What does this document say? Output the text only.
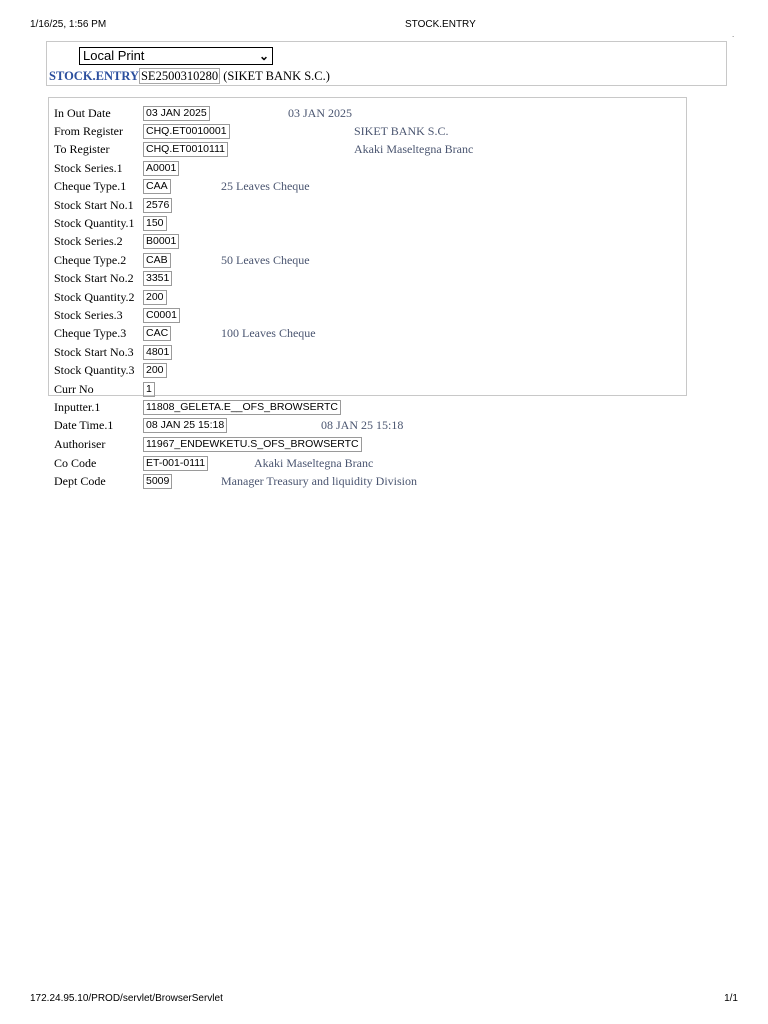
1/16/25, 1:56 PM	STOCK.ENTRY
.
Local Print	⌄
STOCK.ENTRY SE2500310280 (SIKET BANK S.C.)
In Out Date	03 JAN 2025	03 JAN 2025
From Register CHQ.ET0010001	SIKET BANK S.C.
To Register	CHQ.ET0010111	Akaki Maseltegna Branc
Stock Series.1 A0001
Cheque Type.1 CAA	25 Leaves Cheque
Stock Start No.1 2576
Stock Quantity.1 150
Stock Series.2 B0001
Cheque Type.2 CAB	50 Leaves Cheque
Stock Start No.2 3351
Stock Quantity.2 200
Stock Series.3 C0001
Cheque Type.3 CAC	100 Leaves Cheque
Stock Start No.3 4801
Stock Quantity.3 200
Curr No	1
Inputter.1	11808_GELETA.E__OFS_BROWSERTC
Date Time.1	08 JAN 25 15:18	08 JAN 25 15:18
Authoriser	11967_ENDEWKETU.S_OFS_BROWSERTC
Co Code	ET-001-0111	Akaki Maseltegna Branc
Dept Code	5009	Manager Treasury and liquidity Division
172.24.95.10/PROD/servlet/BrowserServlet	1/1
